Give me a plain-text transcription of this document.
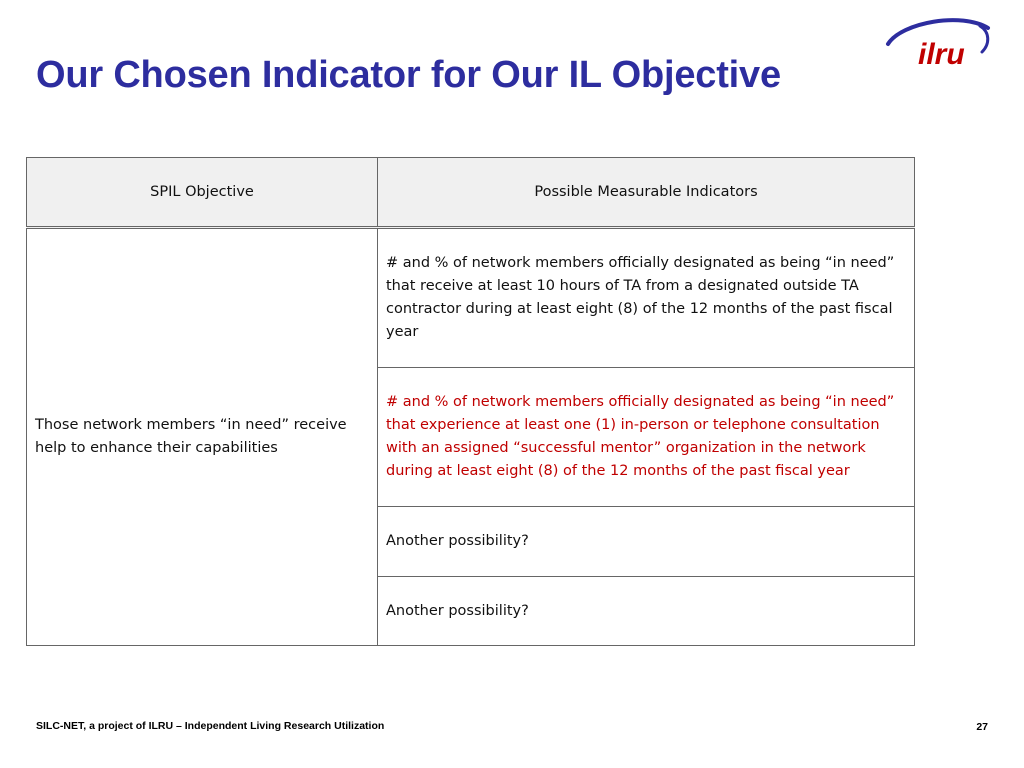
Our Chosen Indicator for Our IL Objective	ilru
SPIL Objective	Possible Measurable Indicators
Those network members “in need” receive help to enhance their capabilities	# and % of network members officially designated as being “in need” that receive at least 10 hours of TA from a designated outside TA contractor during at least eight (8) of the 12 months of the past fiscal year
	# and % of network members officially designated as being “in need” that experience at least one (1) in-person or telephone consultation with an assigned “successful mentor” organization in the network during at least eight (8) of the 12 months of the past fiscal year
	Another possibility?
	Another possibility?
SILC-NET, a project of ILRU – Independent Living Research Utilization	27
